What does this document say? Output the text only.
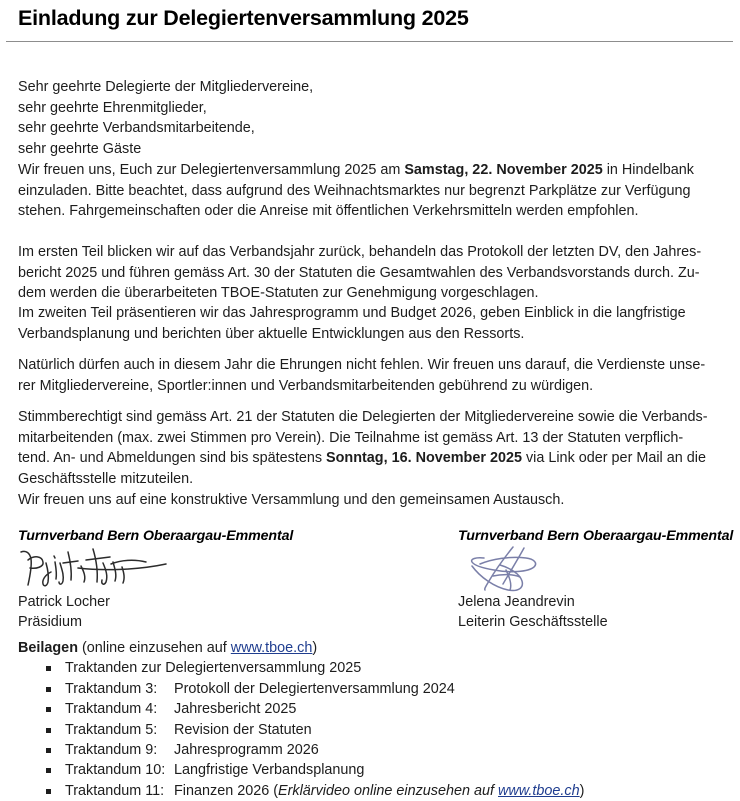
Einladung zur Delegiertenversammlung 2025
Sehr geehrte Delegierte der Mitgliedervereine,
sehr geehrte Ehrenmitglieder,
sehr geehrte Verbandsmitarbeitende,
sehr geehrte Gäste
Wir freuen uns, Euch zur Delegiertenversammlung 2025 am Samstag, 22. November 2025 in Hindelbank
einzuladen. Bitte beachtet, dass aufgrund des Weihnachtsmarktes nur begrenzt Parkplätze zur Verfügung
stehen. Fahrgemeinschaften oder die Anreise mit öffentlichen Verkehrsmitteln werden empfohlen.
Im ersten Teil blicken wir auf das Verbandsjahr zurück, behandeln das Protokoll der letzten DV, den Jahres-
bericht 2025 und führen gemäss Art. 30 der Statuten die Gesamtwahlen des Verbandsvorstands durch. Zu-
dem werden die überarbeiteten TBOE-Statuten zur Genehmigung vorgeschlagen.
Im zweiten Teil präsentieren wir das Jahresprogramm und Budget 2026, geben Einblick in die langfristige
Verbandsplanung und berichten über aktuelle Entwicklungen aus den Ressorts.
Natürlich dürfen auch in diesem Jahr die Ehrungen nicht fehlen. Wir freuen uns darauf, die Verdienste unse-
rer Mitgliedervereine, Sportler:innen und Verbandsmitarbeitenden gebührend zu würdigen.
Stimmberechtigt sind gemäss Art. 21 der Statuten die Delegierten der Mitgliedervereine sowie die Verbands-
mitarbeitenden (max. zwei Stimmen pro Verein). Die Teilnahme ist gemäss Art. 13 der Statuten verpflich-
tend. An- und Abmeldungen sind bis spätestens Sonntag, 16. November 2025 via Link oder per Mail an die
Geschäftsstelle mitzuteilen.
Wir freuen uns auf eine konstruktive Versammlung und den gemeinsamen Austausch.
Turnverband Bern Oberaargau-Emmental
Patrick Locher
Präsidium
Turnverband Bern Oberaargau-Emmental
Jelena Jeandrevin
Leiterin Geschäftsstelle
Beilagen (online einzusehen auf www.tboe.ch)
Traktanden zur Delegiertenversammlung 2025
Traktandum 3: Protokoll der Delegiertenversammlung 2024
Traktandum 4: Jahresbericht 2025
Traktandum 5: Revision der Statuten
Traktandum 9: Jahresprogramm 2026
Traktandum 10: Langfristige Verbandsplanung
Traktandum 11: Finanzen 2026 (Erklärvideo online einzusehen auf www.tboe.ch)
